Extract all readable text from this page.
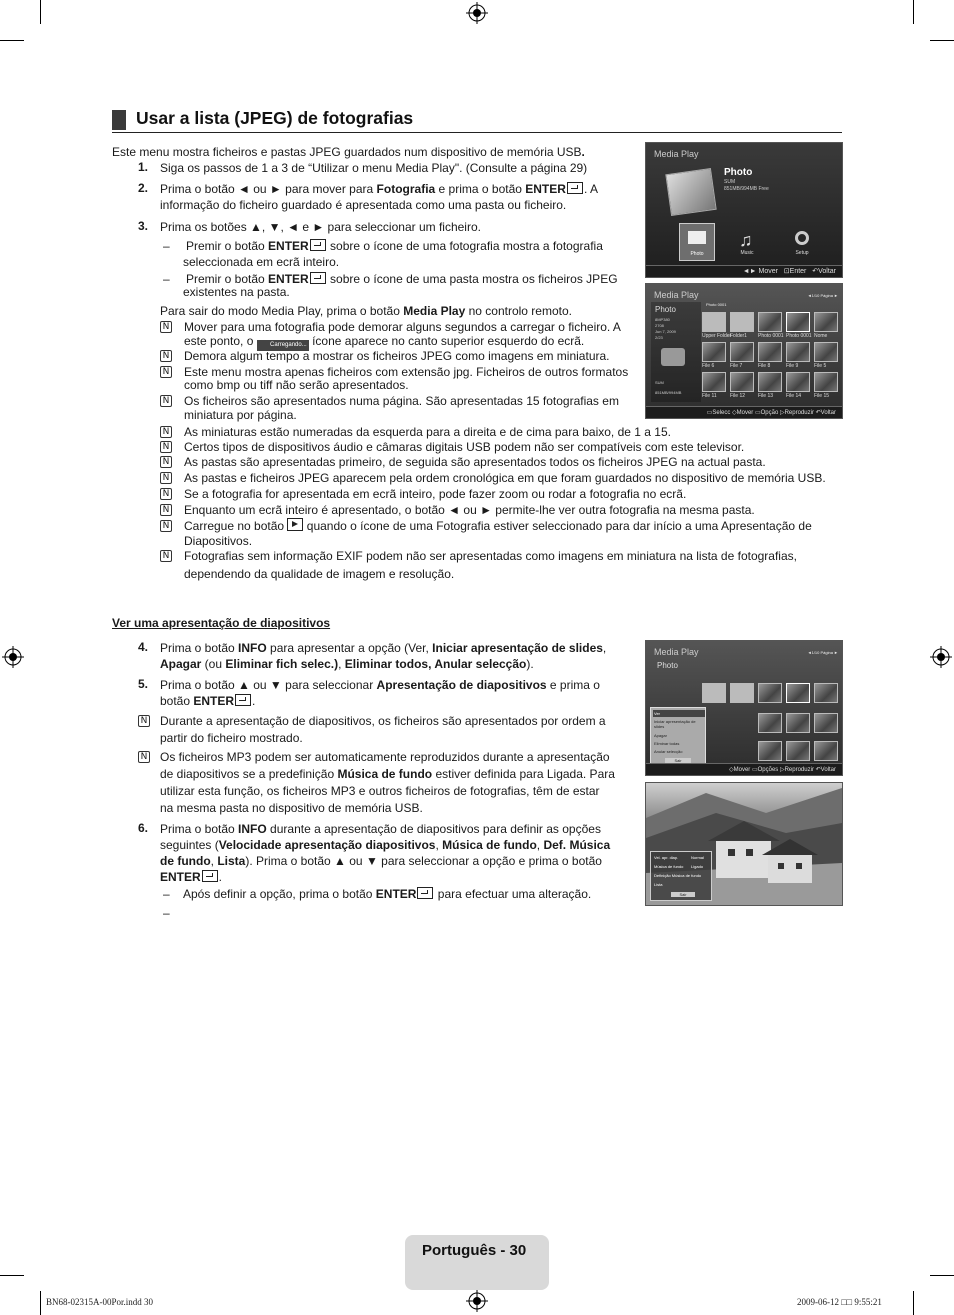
Usar a lista (JPEG) de fotografias
Este menu mostra ficheiros e pastas JPEG guardados num dispositivo de memória USB.
1. Siga os passos de 1 a 3 de “Utilizar o menu Media Play". (Consulte a página 29)
2. Prima o botão ◄ ou ► para mover para Fotografia e prima o botão ENTER . A
informação do ficheiro guardado é apresentada como uma pasta ou ficheiro.
3. Prima os botões ▲, ▼, ◄ e ► para seleccionar um ficheiro.
– Premir o botão ENTER sobre o ícone de uma fotografia mostra a fotografia
seleccionada em ecrã inteiro.
– Premir o botão ENTER sobre o ícone de uma pasta mostra os ficheiros JPEG
existentes na pasta.
Para sair do modo Media Play, prima o botão Media Play no controlo remoto.
N Mover para uma fotografia pode demorar alguns segundos a carregar o ficheiro. A
este ponto, o	Carregando... ícone aparece no canto superior esquerdo do ecrã.
N Demora algum tempo a mostrar os ficheiros JPEG como imagens em miniatura.
N Este menu mostra apenas ficheiros com extensão jpg. Ficheiros de outros formatos
como bmp ou tiff não serão apresentados.
N Os ficheiros são apresentados numa página. São apresentadas 15 fotografias em
miniatura por página.
N As miniaturas estão numeradas da esquerda para a direita e de cima para baixo, de 1 a 15.
N Certos tipos de dispositivos áudio e câmaras digitais USB podem não ser compatíveis com este televisor.
N As pastas são apresentadas primeiro, de seguida são apresentados todos os ficheiros JPEG na actual pasta.
N As pastas e ficheiros JPEG aparecem pela ordem cronológica em que foram guardados no dispositivo de memória USB.
N Se a fotografia for apresentada em ecrã inteiro, pode fazer zoom ou rodar a fotografia no ecrã.
N Enquanto um ecrã inteiro é apresentado, o botão ◄ ou ► permite-lhe ver outra fotografia na mesma pasta.
N Carregue no botão quando o ícone de uma Fotografia estiver seleccionado para dar início a uma Apresentação de
Diapositivos.
N Fotografias sem informação EXIF podem não ser apresentadas como imagens em miniatura na lista de fotografias,
dependendo da qualidade de imagem e resolução.
Ver uma apresentação de diapositivos
4. Prima o botão INFO para apresentar a opção (Ver, Iniciar apresentação de slides,
Apagar (ou Eliminar fich selec.), Eliminar todos, Anular selecção).
5. Prima o botão ▲ ou ▼ para seleccionar Apresentação de diapositivos e prima o
botão ENTER .
N Durante a apresentação de diapositivos, os ficheiros são apresentados por ordem a
partir do ficheiro mostrado.
N Os ficheiros MP3 podem ser automaticamente reproduzidos durante a apresentação
de diapositivos se a predefinição Música de fundo estiver definida para Ligada. Para
utilizar esta função, os ficheiros MP3 e outros ficheiros de fotografias, têm de estar
na mesma pasta no dispositivo de memória USB.
6. Prima o botão INFO durante a apresentação de diapositivos para definir as opções
seguintes (Velocidade apresentação diapositivos, Música de fundo, Def. Música
de fundo, Lista). Prima o botão ▲ ou ▼ para seleccionar a opção e prima o botão
ENTER .
– Após definir a opção, prima o botão ENTER para efectuar uma alteração.
–
Media Play
Photo
SUM
851MB/994MB Free
Photo
♫
Music	Setup
◄► Mover   ⊡Enter   ↶Voltar
Media Play	◄1/10 Página ►
Photo
8MP380
2708
Jun 7, 2009
2/23
SUM
851MB/994MB
Photo 0001
Upper Folder
Folder1 Photo 0001 Photo 0001 Nome
File 6	File 7	File 8	File 9	File 5
File 11	File 12	File 13	File 14	File 15
▭Selecc ◇Mover ▭Opção ▷Reproduzir ↶Voltar
Media Play	◄1/10 Página ►
Photo
Ver
Iniciar apresentação de slides
Apagar
Eliminar todas
Anular selecção
Sair
◇Mover ▭Opções ▷Reproduzir ↶Voltar
Vel. apr. diap.	Normal
Música de fundo Ligado
Definição Música de fundo
Lista
Sair
Português - 30
BN68-02315A-00Por.indd 30	2009-06-12 □□ 9:55:21
